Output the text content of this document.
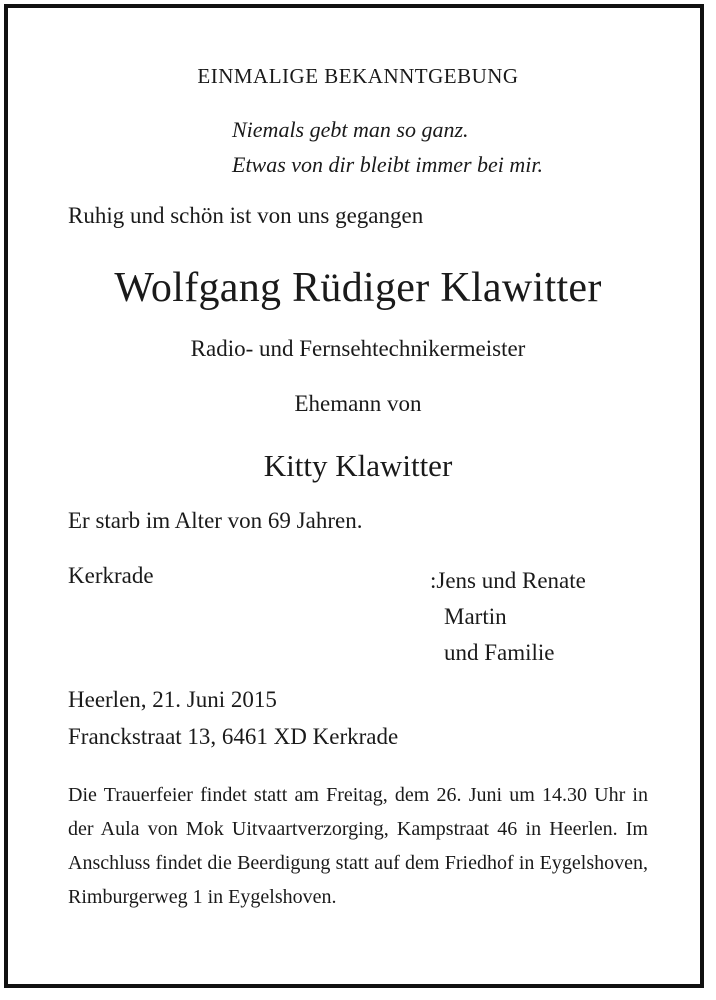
EINMALIGE BEKANNTGEBUNG
Niemals gebt man so ganz.
Etwas von dir bleibt immer bei mir.
Ruhig und schön ist von uns gegangen
Wolfgang Rüdiger Klawitter
Radio- und Fernsehtechnikermeister
Ehemann von
Kitty Klawitter
Er starb im Alter von 69 Jahren.
Kerkrade	:Jens und Renate
Martin
und Familie
Heerlen, 21. Juni 2015
Franckstraat 13, 6461 XD Kerkrade
Die Trauerfeier findet statt am Freitag, dem 26. Juni um 14.30 Uhr in der Aula von Mok Uitvaartverzorging, Kampstraat 46 in Heerlen. Im Anschluss findet die Beerdigung statt auf dem Friedhof in Eygelshoven, Rimburgerweg 1 in Eygelshoven.
